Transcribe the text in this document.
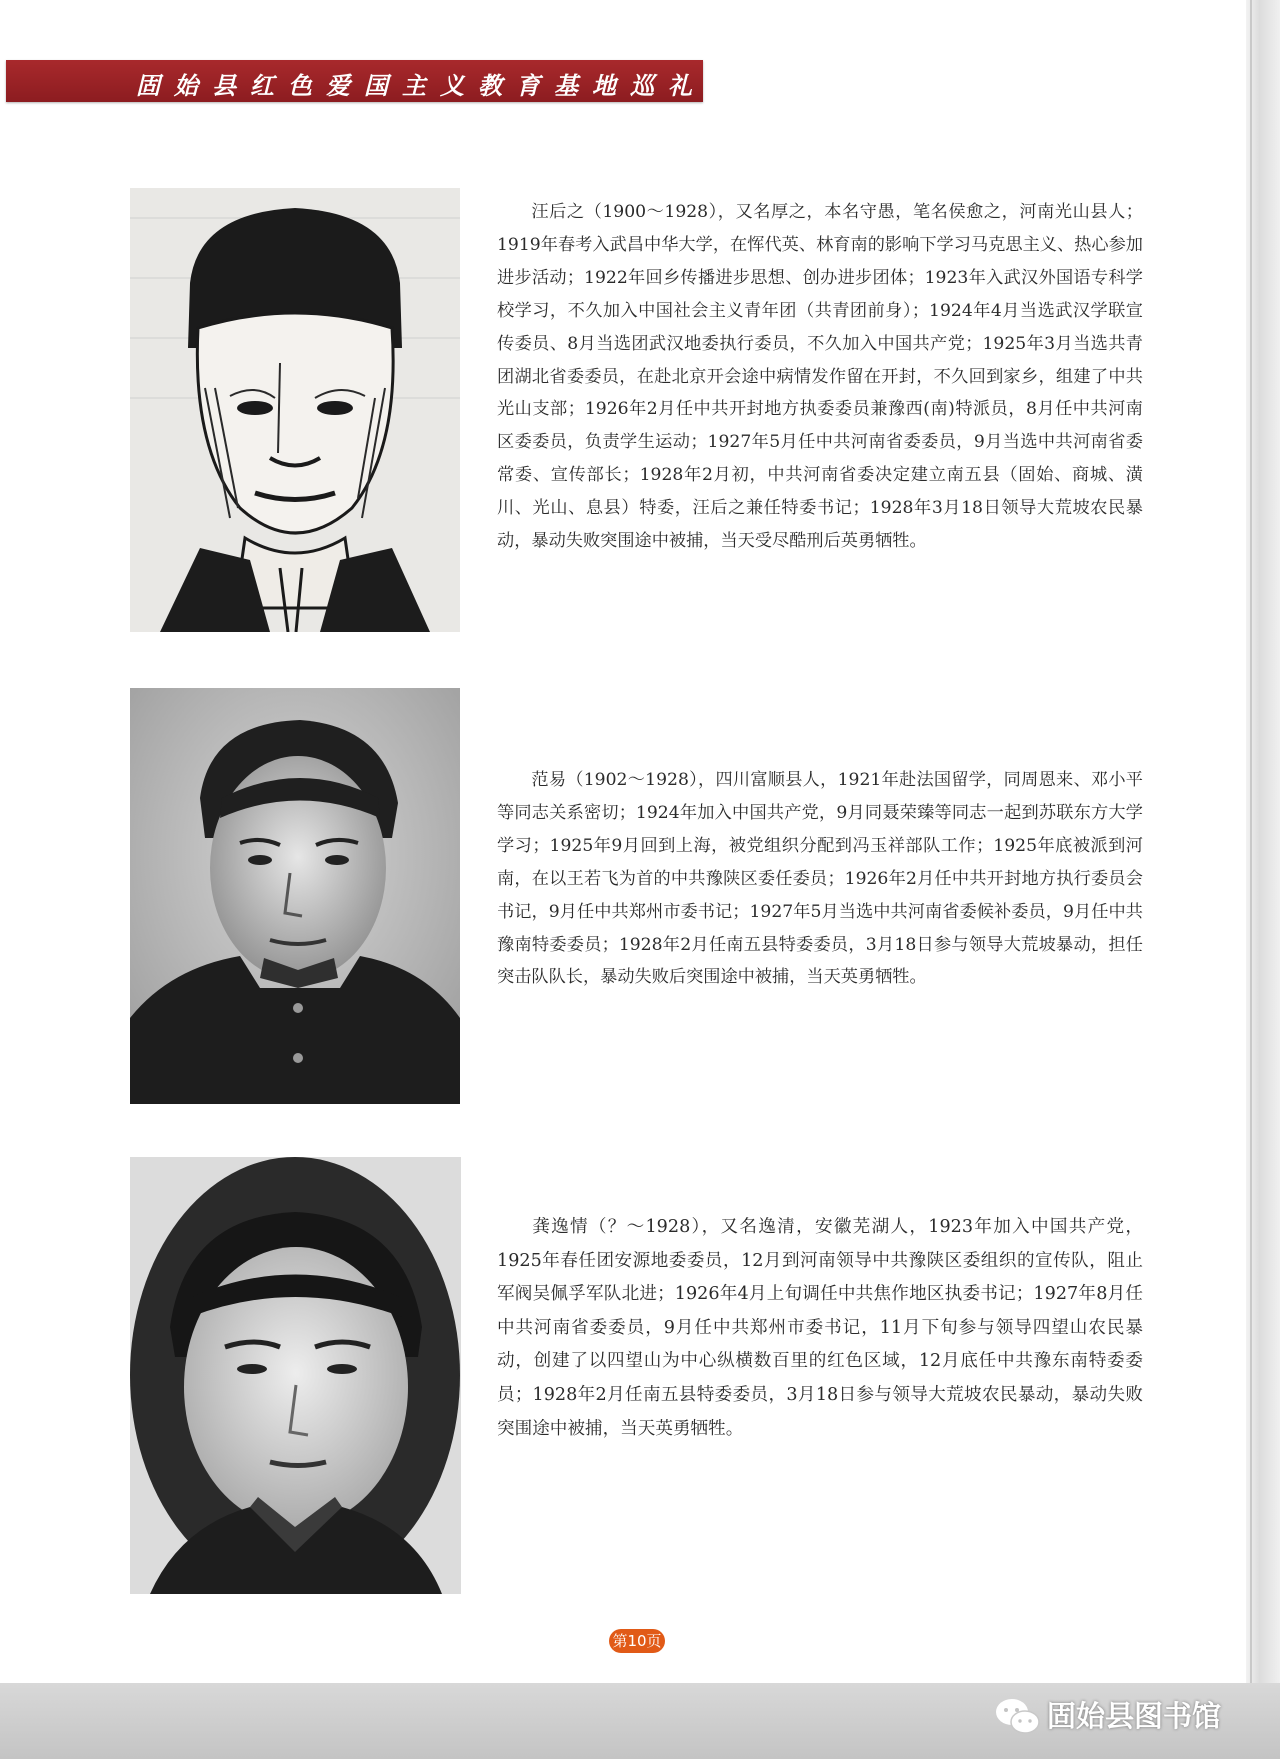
固始县红色爱国主义教育基地巡礼

汪后之（1900～1928），又名厚之，本名守愚，笔名侯愈之，河南光山县人；1919年春考入武昌中华大学，在恽代英、林育南的影响下学习马克思主义、热心参加进步活动；1922年回乡传播进步思想、创办进步团体；1923年入武汉外国语专科学校学习，不久加入中国社会主义青年团（共青团前身）；1924年4月当选武汉学联宣传委员、8月当选团武汉地委执行委员，不久加入中国共产党；1925年3月当选共青团湖北省委委员，在赴北京开会途中病情发作留在开封，不久回到家乡，组建了中共光山支部；1926年2月任中共开封地方执委委员兼豫西(南)特派员，8月任中共河南区委委员，负责学生运动；1927年5月任中共河南省委委员，9月当选中共河南省委常委、宣传部长；1928年2月初，中共河南省委决定建立南五县（固始、商城、潢川、光山、息县）特委，汪后之兼任特委书记；1928年3月18日领导大荒坡农民暴动，暴动失败突围途中被捕，当天受尽酷刑后英勇牺牲。

范易（1902～1928），四川富顺县人，1921年赴法国留学，同周恩来、邓小平等同志关系密切；1924年加入中国共产党，9月同聂荣臻等同志一起到苏联东方大学学习；1925年9月回到上海，被党组织分配到冯玉祥部队工作；1925年底被派到河南，在以王若飞为首的中共豫陕区委任委员；1926年2月任中共开封地方执行委员会书记，9月任中共郑州市委书记；1927年5月当选中共河南省委候补委员，9月任中共豫南特委委员；1928年2月任南五县特委委员，3月18日参与领导大荒坡暴动，担任突击队队长，暴动失败后突围途中被捕，当天英勇牺牲。

龚逸情（？～1928），又名逸清，安徽芜湖人，1923年加入中国共产党，1925年春任团安源地委委员，12月到河南领导中共豫陕区委组织的宣传队，阻止军阀吴佩孚军队北进；1926年4月上旬调任中共焦作地区执委书记；1927年8月任中共河南省委委员，9月任中共郑州市委书记，11月下旬参与领导四望山农民暴动，创建了以四望山为中心纵横数百里的红色区域，12月底任中共豫东南特委委员；1928年2月任南五县特委委员，3月18日参与领导大荒坡农民暴动，暴动失败突围途中被捕，当天英勇牺牲。

第10页
固始县图书馆
